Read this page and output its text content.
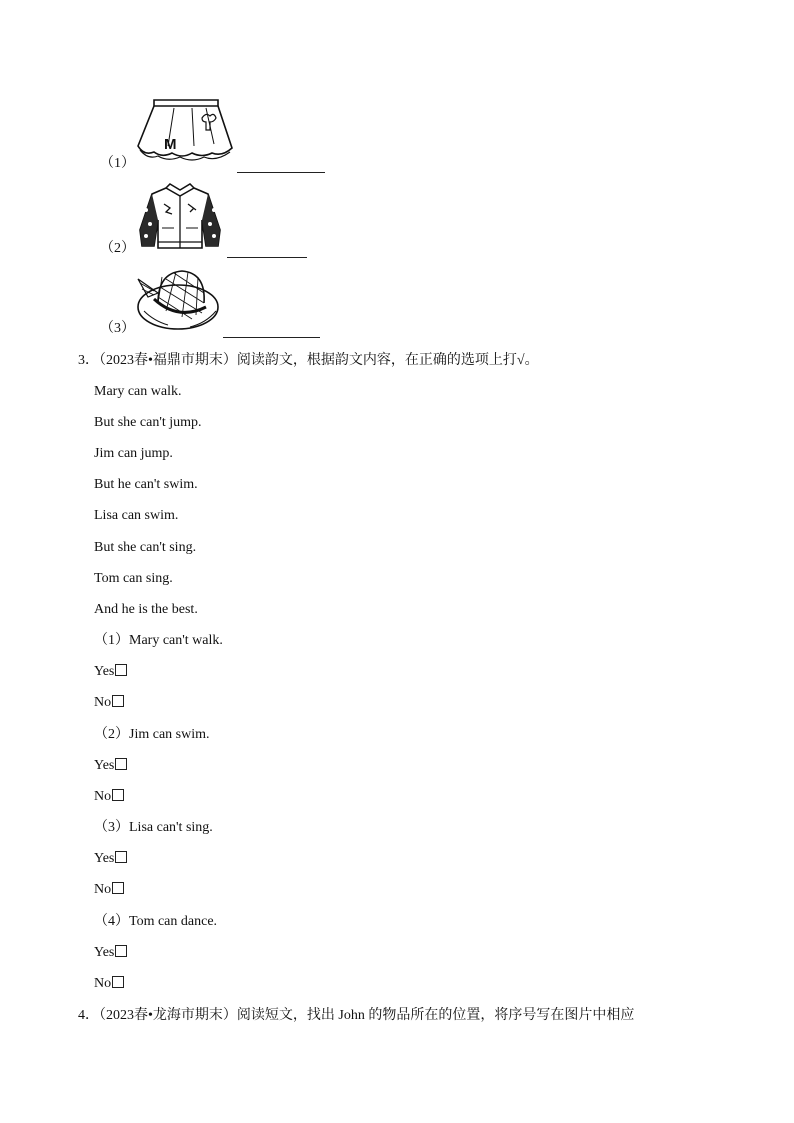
（1）
M
（2）
（3）
3．（2023春•福鼎市期末）阅读韵文，根据韵文内容，在正确的选项上打√。
Mary can walk.
But she can't jump.
Jim can jump.
But he can't swim.
Lisa can swim.
But she can't sing.
Tom can sing.
And he is the best.
（1）Mary can't walk.
Yes
No
（2）Jim can swim.
Yes
No
（3）Lisa can't sing.
Yes
No
（4）Tom can dance.
Yes
No
4．（2023春•龙海市期末）阅读短文，找出 John 的物品所在的位置，将序号写在图片中相应
